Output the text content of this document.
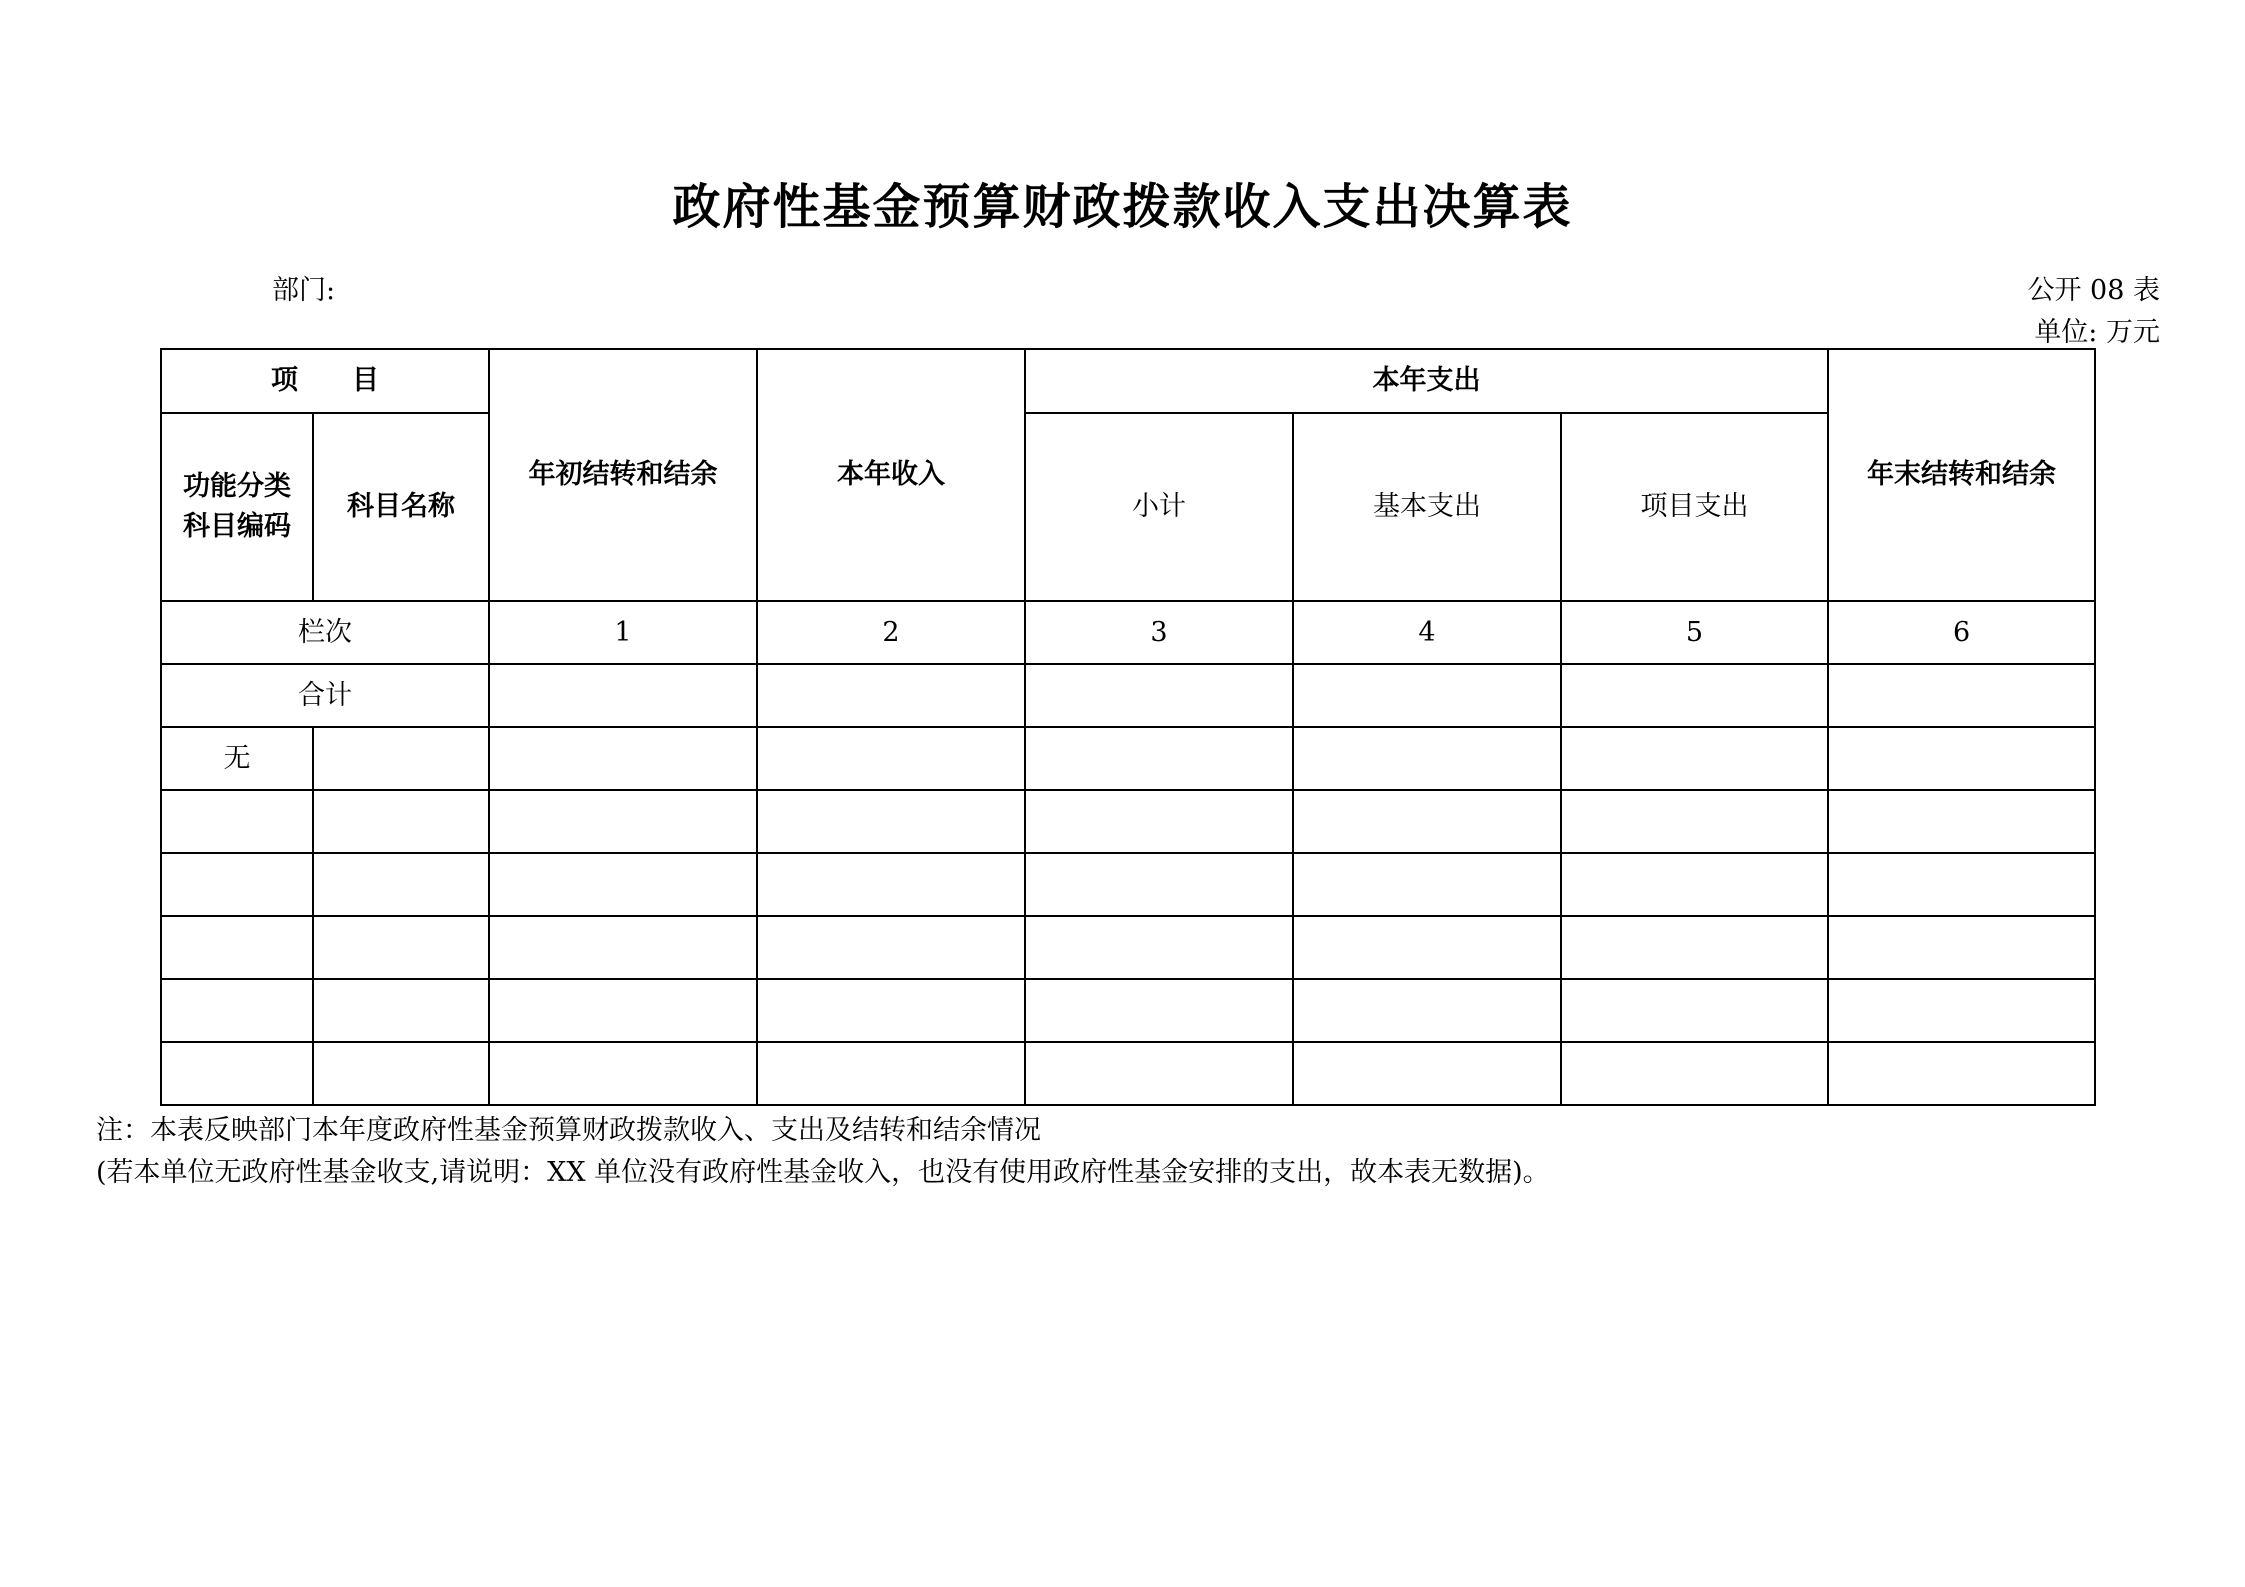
政府性基金预算财政拨款收入支出决算表
部门:	公开 08 表
单位: 万元
项　　目		年初结转和结余	本年收入	本年支出			年末结转和结余
功能分类科目编码	科目名称			小计	基本支出	项目支出	
栏次		1	2	3	4	5	6
合计							
无							

注：本表反映部门本年度政府性基金预算财政拨款收入、支出及结转和结余情况
(若本单位无政府性基金收支,请说明：XX 单位没有政府性基金收入，也没有使用政府性基金安排的支出，故本表无数据)。
